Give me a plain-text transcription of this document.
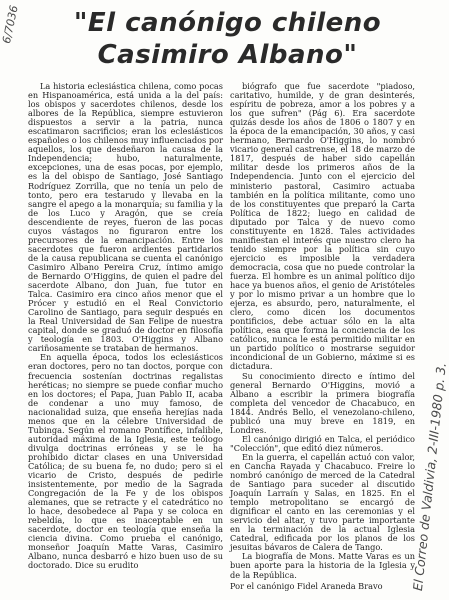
"El canónigo chileno
Casimiro Albano"

La historia eclesiástica chilena, como pocas en Hispanoamérica, está unida a la del país: los obispos y sacerdotes chilenos, desde los albores de la República, siempre estuvieron dispuestos a servir a la patria, nunca escatimaron sacrificios; eran los eclesiásticos españoles o los chilenos muy influenciados por aquellos, los que desdeñaron la causa de la Independencia; hubo, naturalmente, excepciones, una de esas pocas, por ejemplo, es la del obispo de Santiago, José Santiago Rodríguez Zorrilla, que no tenía un pelo de tonto, pero era testarudo y llevaba en la sangre el apego a la monarquía; su familia y la de los Luco y Aragón, que se creía descendiente de reyes, fueron de las pocas cuyos vástagos no figuraron entre los precursores de la emancipación. Entre los sacerdotes que fueron ardientes partidarios de la causa republicana se cuenta el canónigo Casimiro Albano Pereira Cruz, íntimo amigo de Bernardo O'Higgins, de quien el padre del sacerdote Albano, don Juan, fue tutor en Talca. Casimiro era cinco años menor que el Prócer y estudió en el Real Convictorio Carolino de Santiago, para seguir después en la Real Universidad de San Felipe de nuestra capital, donde se graduó de doctor en filosofía y teología en 1803. O'Higgins y Albano cariñosamente se trataban de hermanos.

En aquella época, todos los eclesiásticos eran doctores, pero no tan doctos, porque con frecuencia sostenían doctrinas regalistas heréticas; no siempre se puede confiar mucho en los doctores; el Papa, Juan Pablo II, acaba de condenar a uno muy famoso, de nacionalidad suiza, que enseña herejías nada menos que en la célebre Universidad de Tubinga. Según el romano Pontífice, infalible, autoridad máxima de la Iglesia, este teólogo divulga doctrinas erróneas y se le ha prohibido dictar clases en una Universidad Católica; de su buena fe, no dudo; pero si el vicario de Cristo, después de pedirle insistentemente, por medio de la Sagrada Congregación de la Fe y de los obispos alemanes, que se retracte y el catedrático no lo hace, desobedece al Papa y se coloca en rebeldía, lo que es inaceptable en un sacerdote, doctor en teología que enseña la ciencia divina. Como prueba el canónigo, monseñor Joaquín Matte Varas, Casimiro Albano, nunca desbarró e hizo buen uso de su doctorado. Dice su erudito

biógrafo que fue sacerdote "piadoso, caritativo, humilde, y de gran desinterés, espíritu de pobreza, amor a los pobres y a los que sufren" (Pág 6). Era sacerdote quizás desde los años de 1806 o 1807 y en la época de la emancipación, 30 años, y casi hermano, Bernardo O'Higgins, lo nombró vicario general castrense, el 18 de marzo de 1817, después de haber sido capellán militar desde los primeros años de la Independencia. Junto con el ejercicio del ministerio pastoral, Casimiro actuaba también en la política militante, como uno de los constituyentes que preparó la Carta Política de 1822; luego en calidad de diputado por Talca y de nuevo como constituyente en 1828. Tales actividades manifiestan el interés que nuestro clero ha tenido siempre por la política sin cuyo ejercicio es imposible la verdadera democracia, cosa que no puede controlar la fuerza. El hombre es un animal político dijo hace ya buenos años, el genio de Aristóteles y por lo mismo privar a un hombre que lo ejerza, es absurdo, pero, naturalmente, el clero, como dicen los documentos pontificios, debe actuar sólo en la alta política, esa que forma la conciencia de los católicos, nunca le está permitido militar en un partido político o mostrarse seguidor incondicional de un Gobierno, máxime si es dictadura.

Su conocimiento directo e íntimo del general Bernardo O'Higgins, movió a Albano a escribir la primera biografía completa del vencedor de Chacabuco, en 1844. Andrés Bello, el venezolano-chileno, publicó una muy breve en 1819, en Londres.

El canónigo dirigió en Talca, el periódico "Colección", que editó diez números.

En la guerra, el capellán actuó con valor, en Cancha Rayada y Chacabuco. Freire lo nombró canónigo de merced de la Catedral de Santiago para suceder al discutido Joaquín Larraín y Salas, en 1825. En el templo metropolitano se encargó de dignificar el canto en las ceremonias y el servicio del altar, y tuvo parte importante en la terminación de la actual Iglesia Catedral, edificada por los planos de los jesuitas bávaros de Calera de Tango.

La biografía de Mons. Matte Varas es un buen aporte para la historia de la Iglesia y de la República.

Por el canónigo Fidel Araneda Bravo

6/7036
El Correo de Valdivia, 2-III-1980 p. 3.
